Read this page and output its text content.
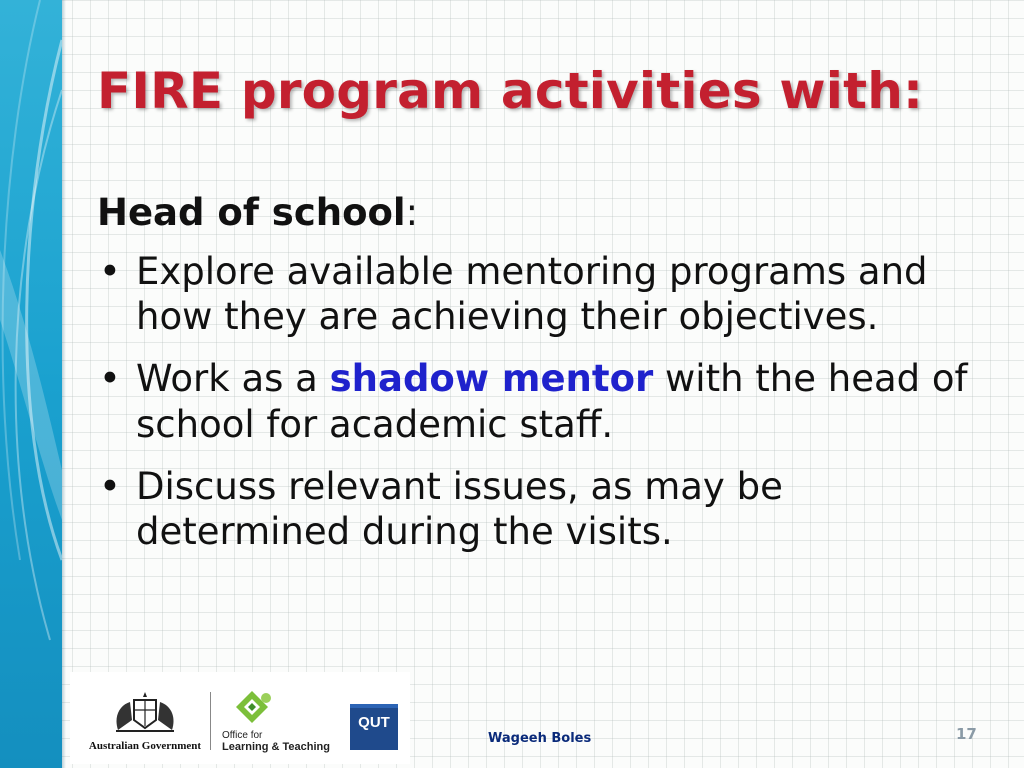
FIRE program activities with:

Head of school:

• Explore available mentoring programs and how they are achieving their objectives.
• Work as a shadow mentor with the head of school for academic staff.
• Discuss relevant issues, as may be determined during the visits.
Australian Government
Office for
Learning & Teaching
QUT
Wageeh Boles	17
